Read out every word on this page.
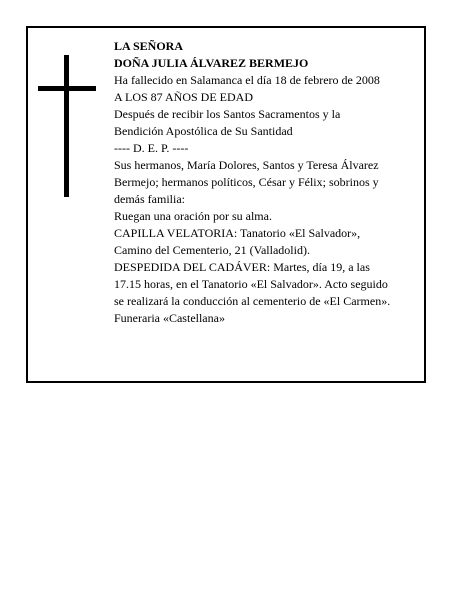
LA SEÑORA
DOÑA JULIA ÁLVAREZ BERMEJO
Ha fallecido en Salamanca el día 18 de febrero de 2008
A LOS 87 AÑOS DE EDAD
Después de recibir los Santos Sacramentos y la
Bendición Apostólica de Su Santidad
---- D. E. P. ----
Sus hermanos, María Dolores, Santos y Teresa Álvarez
Bermejo; hermanos políticos, César y Félix; sobrinos y
demás familia:
Ruegan una oración por su alma.
CAPILLA VELATORIA: Tanatorio «El Salvador»,
Camino del Cementerio, 21 (Valladolid).
DESPEDIDA DEL CADÁVER: Martes, día 19, a las
17.15 horas, en el Tanatorio «El Salvador». Acto seguido
se realizará la conducción al cementerio de «El Carmen».
Funeraria «Castellana»
